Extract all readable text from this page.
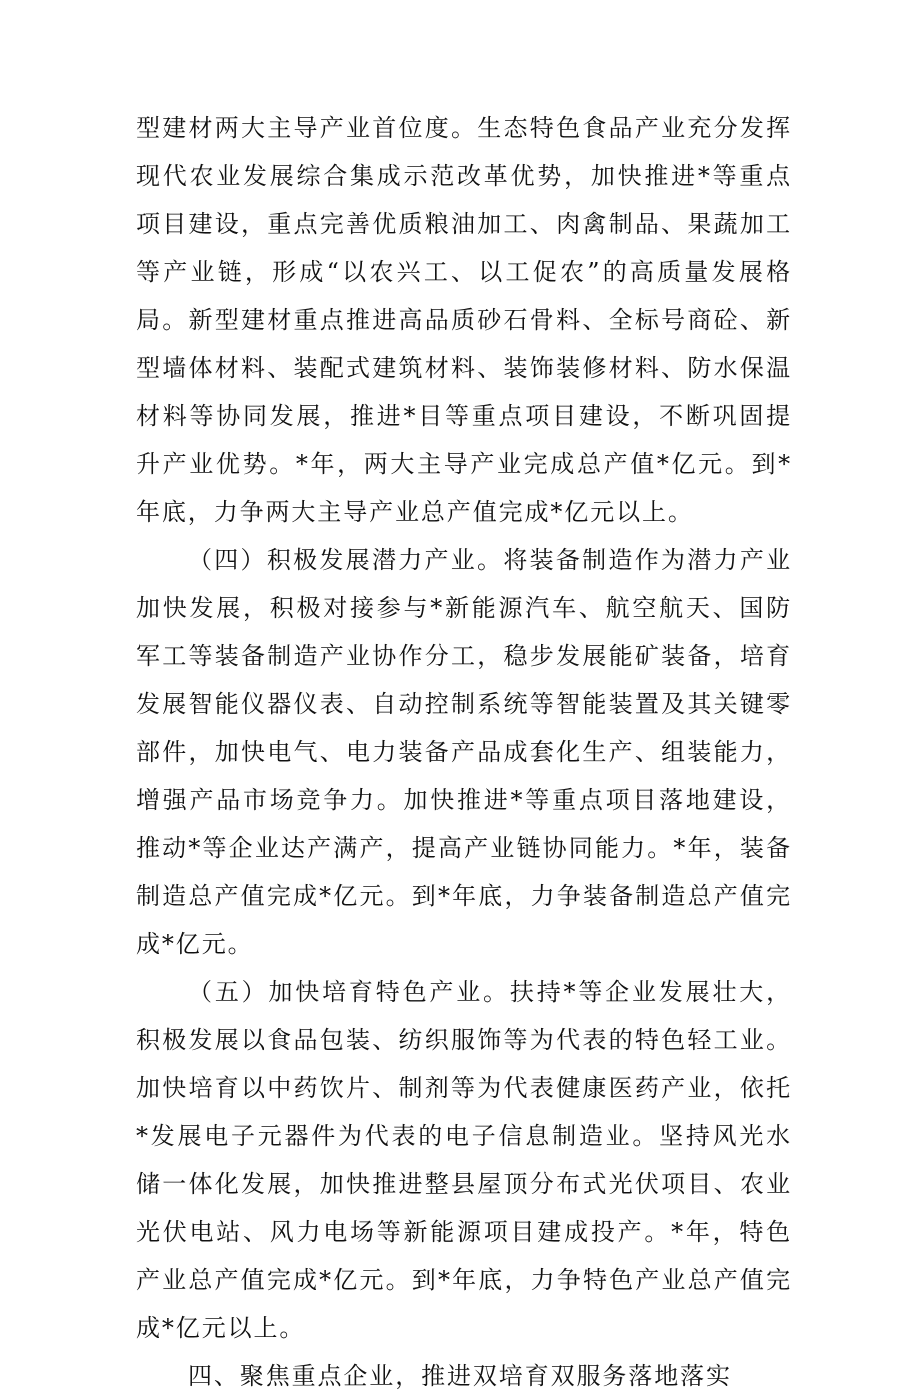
型建材两大主导产业首位度。生态特色食品产业充分发挥现代农业发展综合集成示范改革优势，加快推进*等重点项目建设，重点完善优质粮油加工、肉禽制品、果蔬加工等产业链，形成“以农兴工、以工促农”的高质量发展格局。新型建材重点推进高品质砂石骨料、全标号商砼、新型墙体材料、装配式建筑材料、装饰装修材料、防水保温材料等协同发展，推进*目等重点项目建设，不断巩固提升产业优势。*年，两大主导产业完成总产值*亿元。到*年底，力争两大主导产业总产值完成*亿元以上。

（四）积极发展潜力产业。将装备制造作为潜力产业加快发展，积极对接参与*新能源汽车、航空航天、国防军工等装备制造产业协作分工，稳步发展能矿装备，培育发展智能仪器仪表、自动控制系统等智能装置及其关键零部件，加快电气、电力装备产品成套化生产、组装能力，增强产品市场竞争力。加快推进*等重点项目落地建设，推动*等企业达产满产，提高产业链协同能力。*年，装备制造总产值完成*亿元。到*年底，力争装备制造总产值完成*亿元。

（五）加快培育特色产业。扶持*等企业发展壮大，积极发展以食品包装、纺织服饰等为代表的特色轻工业。加快培育以中药饮片、制剂等为代表健康医药产业，依托*发展电子元器件为代表的电子信息制造业。坚持风光水储一体化发展，加快推进整县屋顶分布式光伏项目、农业光伏电站、风力电场等新能源项目建成投产。*年，特色产业总产值完成*亿元。到*年底，力争特色产业总产值完成*亿元以上。

四、聚焦重点企业，推进双培育双服务落地落实
